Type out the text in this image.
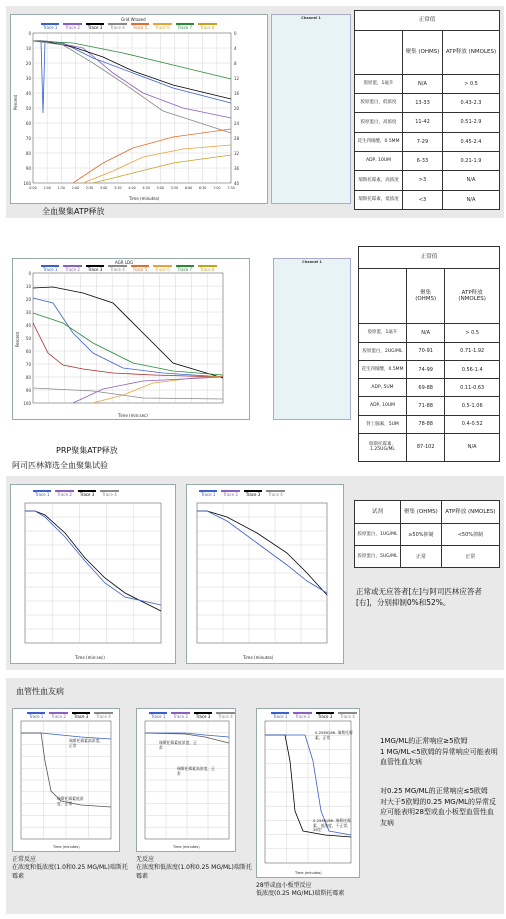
Grid Wrazed
Trace 1	Trace 2	Trace 3	Trace 4	Trace 5	Trace 6	Trace 7	Trace 8
Percent
0
10
20
30
40
50
60
70
80
90
100
0
4
8
12
16
20
24
28
32
36
40
0:00 1:00 1:30 2:00 2:30 3:00 3:30 4:00 4:30 5:00 5:30 6:00 6:30 7:00 7:30
Time (minutes)
Channel 1	正常值		
	聚集 (OHMS)	ATP释放 (NMOLES)
胶原蛋，1毫升	N/A	> 0.5
胶原蛋白，低浓度	13-33	0.43-2.3
胶原蛋白，高浓度	11-42	0.51-2.9
花生四烯酸，0.5MM	7-29	0.45-2.4
ADP, 10UM	6-33	0.21-1.9
瑞斯托霉素，高浓度	>3	N/A
瑞斯托霉素，低浓度	<3	N/A
全血聚集ATP释放
AGR LDG
Trace 1	Trace 2	Trace 3	Trace 4	Trace 5	Trace 6	Trace 7	Trace 8
Percent
0
10
20
30
40
50
60
70
80
90
100
Time (min:sec)
Channel 1
正常值		
	聚集 (OHMS)	ATP释放 (NMOLES)
胶原蛋，1毫升	N/A	> 0.5
胶原蛋白，2UG/ML	70-91	0.71-1.92
花生四烯酸，0.5MM	74-99	0.56-1.4
ADP, 5UM	69-88	0.11-0.63
ADP, 10UM	71-88	0.5-1.06
肾上腺素，5UM	78-88	0.4-0.52
瑞斯托霉素，1.25UG/ML	87-102	N/A
PRP聚集ATP释放
阿司匹林筛选全血聚集试验
Trace 1	Trace 2	Trace 3	Trace 4
Time (min:sec)
Trace 1	Trace 2	Trace 3	Trace 4
Time (minutes)
试剂	聚集 (OHMS)	ATP释放 (NMOLES)
胶原蛋白，1UG/ML	≥50%抑制	<50%抑制
胶原蛋白，5UG/ML	正常	正常
正常或无应答者[左]与阿司匹林应答者[右]，分别抑制0%和52%。
血管性血友病
Trace 1	Trace 2	Trace 3	Trace 4
瑞斯托霉素高浓度，正常
瑞斯托霉素低浓度，正常
Time (minutes)
Trace 1	Trace 2	Trace 3	Trace 4
瑞斯托霉素低浓度，正常
瑞斯托霉素高浓度，正常
Time (minutes)
Trace 1	Trace 2	Trace 3	Trace 4
0.25MG/ML 瑞斯托霉素，正常
0.25MG/ML 瑞斯托霉素，低浓度，不正常，28型
Time (minutes)
正常反应
在浓度和低浓度(1.0和0.25 MG/ML)瑞斯托霉素
无反应
在浓度和低浓度(1.0和0.25 MG/ML)瑞斯托霉素
28型或血小板型反应
低浓度(0.25 MG/ML)瑞斯托霉素
1MG/ML的正常响应≥5欧姆
1 MG/ML<5欧姆的异常响应可能表明血管性血友病
对0.25 MG/ML的正常响应≤5欧姆
对大于5欧姆的0.25 MG/ML的异常反应可能表明28型或血小板型血管性血友病
